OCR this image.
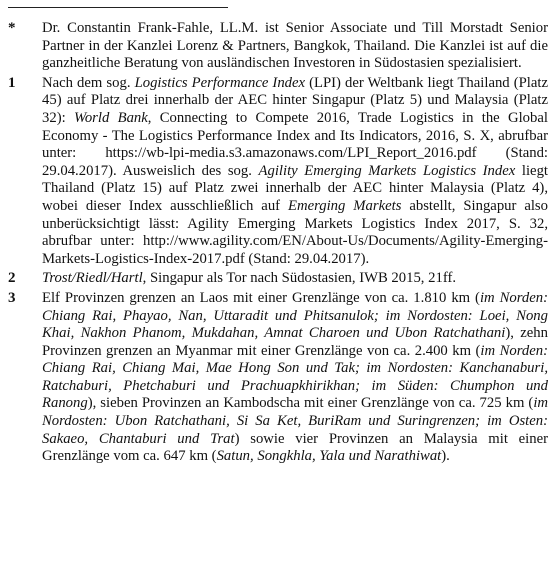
* Dr. Constantin Frank-Fahle, LL.M. ist Senior Associate und Till Morstadt Senior Partner in der Kanzlei Lorenz & Partners, Bangkok, Thailand. Die Kanzlei ist auf die ganzheitliche Beratung von ausländischen Investoren in Südostasien spezialisiert.
1 Nach dem sog. Logistics Performance Index (LPI) der Weltbank liegt Thailand (Platz 45) auf Platz drei innerhalb der AEC hinter Singapur (Platz 5) und Malaysia (Platz 32): World Bank, Connecting to Compete 2016, Trade Logistics in the Global Economy - The Logistics Performance Index and Its Indicators, 2016, S. X, abrufbar unter: https://wb-lpi-media.s3.amazonaws.com/LPI_Report_2016.pdf (Stand: 29.04.2017). Ausweislich des sog. Agility Emerging Markets Logistics Index liegt Thailand (Platz 15) auf Platz zwei innerhalb der AEC hinter Malaysia (Platz 4), wobei dieser Index ausschließlich auf Emerging Markets abstellt, Singapur also unberücksichtigt lässt: Agility Emerging Markets Logistics Index 2017, S. 32, abrufbar unter: http://www.agility.com/EN/About-Us/Documents/Agility-Emerging-Markets-Logistics-Index-2017.pdf (Stand: 29.04.2017).
2 Trost/Riedl/Hartl, Singapur als Tor nach Südostasien, IWB 2015, 21ff.
3 Elf Provinzen grenzen an Laos mit einer Grenzlänge von ca. 1.810 km (im Norden: Chiang Rai, Phayao, Nan, Uttaradit und Phitsanulok; im Nordosten: Loei, Nong Khai, Nakhon Phanom, Mukdahan, Amnat Charoen und Ubon Ratchathani), zehn Provinzen grenzen an Myanmar mit einer Grenzlänge von ca. 2.400 km (im Norden: Chiang Rai, Chiang Mai, Mae Hong Son und Tak; im Nordosten: Kanchanaburi, Ratchaburi, Phetchaburi und Prachuapkhirikhan; im Süden: Chumphon und Ranong), sieben Provinzen an Kambodscha mit einer Grenzlänge von ca. 725 km (im Nordosten: Ubon Ratchathani, Si Sa Ket, BuriRam und Suringrenzen; im Osten: Sakaeo, Chantaburi und Trat) sowie vier Provinzen an Malaysia mit einer Grenzlänge vom ca. 647 km (Satun, Songkhla, Yala und Narathiwat).
